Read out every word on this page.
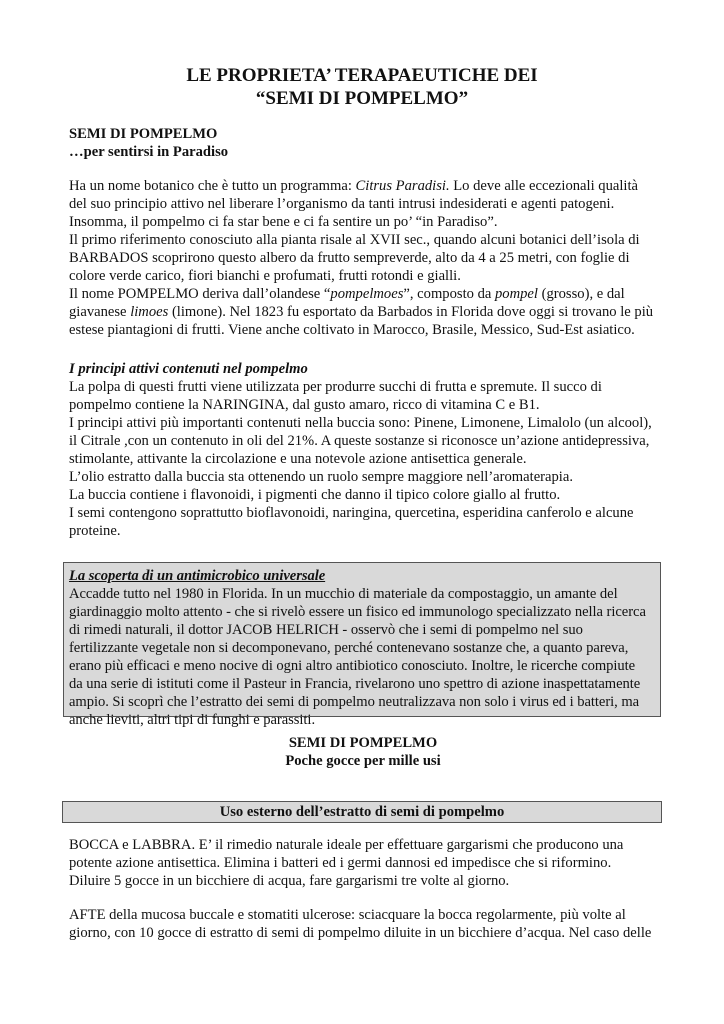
LE PROPRIETA’ TERAPAEUTICHE DEI
“SEMI DI POMPELMO”
SEMI DI POMPELMO
…per sentirsi in Paradiso
Ha un nome botanico che è tutto un programma: Citrus Paradisi. Lo deve alle eccezionali qualità
del suo principio attivo nel liberare l’organismo da tanti intrusi indesiderati e agenti patogeni.
Insomma, il pompelmo ci fa star bene e ci fa sentire un po’ “in Paradiso”.
Il primo riferimento conosciuto alla pianta risale al XVII sec., quando alcuni botanici dell’isola di
BARBADOS scoprirono questo albero da frutto sempreverde, alto da 4 a 25 metri, con foglie di
colore verde carico, fiori bianchi e profumati, frutti rotondi e gialli.
Il nome POMPELMO deriva dall’olandese “pompelmoes”, composto da pompel (grosso), e dal
giavanese limoes (limone). Nel 1823 fu esportato da Barbados in Florida dove oggi si trovano le più
estese piantagioni di frutti. Viene anche coltivato in Marocco, Brasile, Messico, Sud-Est asiatico.
I principi attivi contenuti nel pompelmo
La polpa di questi frutti viene utilizzata per produrre succhi di frutta e spremute. Il succo di
pompelmo contiene la NARINGINA, dal gusto amaro, ricco di vitamina C e B1.
I principi attivi più importanti contenuti nella buccia sono: Pinene, Limonene, Limalolo (un alcool),
il Citrale ,con un contenuto in oli del 21%. A queste sostanze si riconosce un’azione antidepressiva,
stimolante, attivante la circolazione e una notevole azione antisettica generale.
L’olio estratto dalla buccia sta ottenendo un ruolo sempre maggiore nell’aromaterapia.
La buccia contiene i flavonoidi, i pigmenti che danno il tipico colore giallo al frutto.
I semi contengono soprattutto bioflavonoidi, naringina, quercetina, esperidina canferolo e alcune
proteine.
La scoperta di un antimicrobico universale
Accadde tutto nel 1980 in Florida. In un mucchio di materiale da compostaggio, un amante del
giardinaggio molto attento - che si rivelò essere un fisico ed immunologo specializzato nella ricerca
di rimedi naturali, il dottor JACOB HELRICH - osservò che i semi di pompelmo nel suo
fertilizzante vegetale non si decomponevano, perché contenevano sostanze che, a quanto pareva,
erano più efficaci e meno nocive di ogni altro antibiotico conosciuto. Inoltre, le ricerche compiute
da una serie di istituti come il Pasteur in Francia, rivelarono uno spettro di azione inaspettatamente
ampio. Si scoprì che l’estratto dei semi di pompelmo neutralizzava non solo i virus ed i batteri, ma
anche lieviti, altri tipi di funghi e parassiti.
SEMI DI POMPELMO
Poche gocce per mille usi
Uso esterno dell’estratto di semi di pompelmo
BOCCA e LABBRA. E’ il rimedio naturale ideale per effettuare gargarismi che producono una
potente azione antisettica. Elimina i batteri ed i germi dannosi ed impedisce che si riformino.
Diluire 5 gocce in un bicchiere di acqua, fare gargarismi tre volte al giorno.
AFTE della mucosa buccale e stomatiti ulcerose: sciacquare la bocca regolarmente, più volte al
giorno, con 10 gocce di estratto di semi di pompelmo diluite in un bicchiere d’acqua. Nel caso delle
